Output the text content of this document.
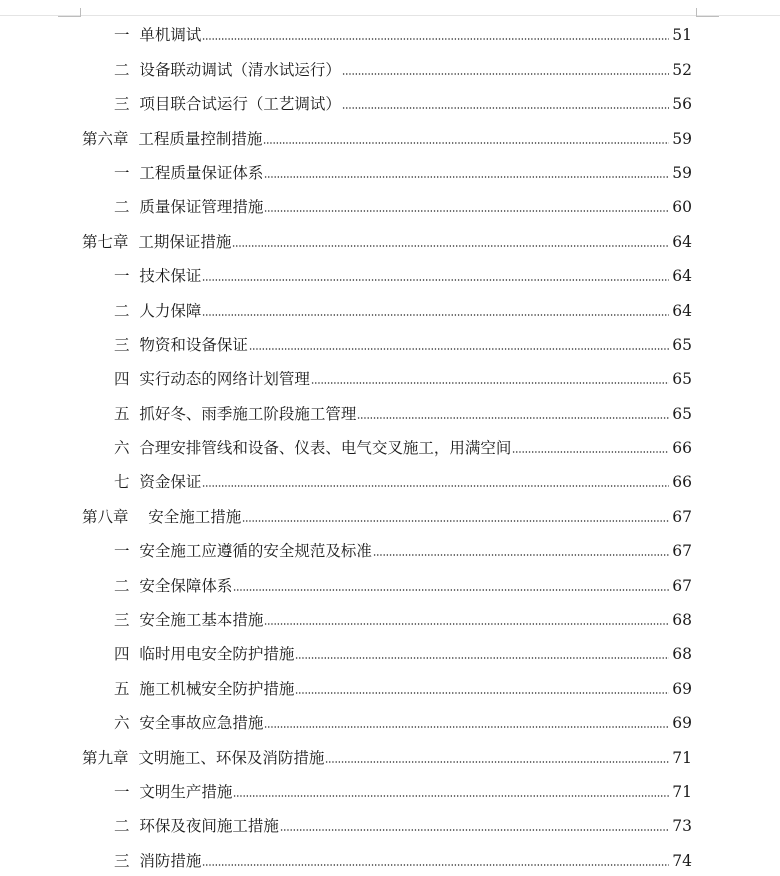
一  单机调试	51
二  设备联动调试（清水试运行）	52
三  项目联合试运行（工艺调试）	56
第六章  工程质量控制措施	59
一  工程质量保证体系	59
二  质量保证管理措施	60
第七章  工期保证措施	64
一  技术保证	64
二  人力保障	64
三  物资和设备保证	65
四  实行动态的网络计划管理	65
五  抓好冬、雨季施工阶段施工管理	65
六  合理安排管线和设备、仪表、电气交叉施工，用满空间	66
七  资金保证	66
第八章    安全施工措施	67
一  安全施工应遵循的安全规范及标准	67
二  安全保障体系	67
三  安全施工基本措施	68
四  临时用电安全防护措施	68
五  施工机械安全防护措施	69
六  安全事故应急措施	69
第九章  文明施工、环保及消防措施	71
一  文明生产措施	71
二  环保及夜间施工措施	73
三  消防措施	74
